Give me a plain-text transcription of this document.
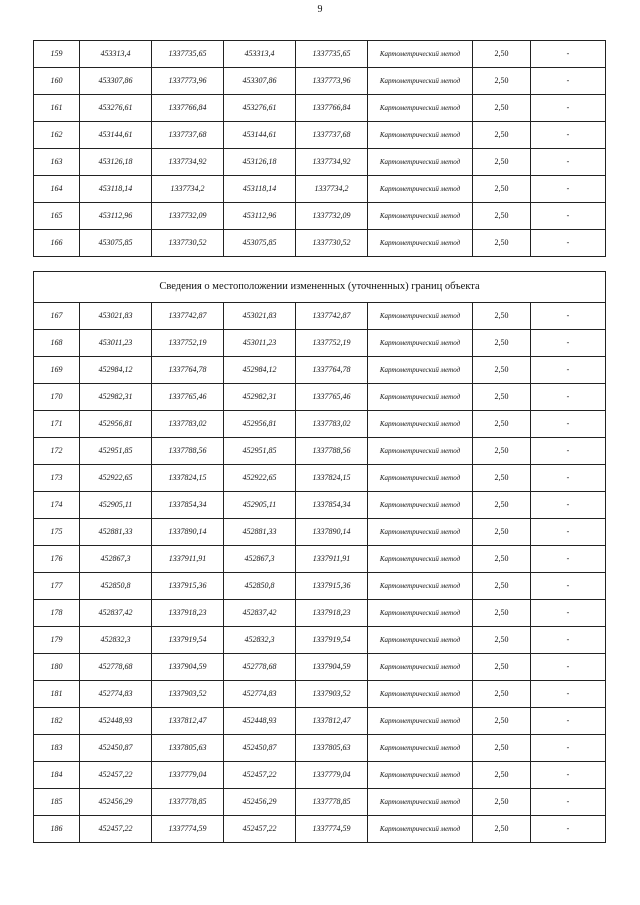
9
159	453313,4	1337735,65	453313,4	1337735,65	Картометрический метод	2,50	-
160	453307,86	1337773,96	453307,86	1337773,96	Картометрический метод	2,50	-
161	453276,61	1337766,84	453276,61	1337766,84	Картометрический метод	2,50	-
162	453144,61	1337737,68	453144,61	1337737,68	Картометрический метод	2,50	-
163	453126,18	1337734,92	453126,18	1337734,92	Картометрический метод	2,50	-
164	453118,14	1337734,2	453118,14	1337734,2	Картометрический метод	2,50	-
165	453112,96	1337732,09	453112,96	1337732,09	Картометрический метод	2,50	-
166	453075,85	1337730,52	453075,85	1337730,52	Картометрический метод	2,50	-
Сведения о местоположении измененных (уточненных) границ объекта							
167	453021,83	1337742,87	453021,83	1337742,87	Картометрический метод	2,50	-
168	453011,23	1337752,19	453011,23	1337752,19	Картометрический метод	2,50	-
169	452984,12	1337764,78	452984,12	1337764,78	Картометрический метод	2,50	-
170	452982,31	1337765,46	452982,31	1337765,46	Картометрический метод	2,50	-
171	452956,81	1337783,02	452956,81	1337783,02	Картометрический метод	2,50	-
172	452951,85	1337788,56	452951,85	1337788,56	Картометрический метод	2,50	-
173	452922,65	1337824,15	452922,65	1337824,15	Картометрический метод	2,50	-
174	452905,11	1337854,34	452905,11	1337854,34	Картометрический метод	2,50	-
175	452881,33	1337890,14	452881,33	1337890,14	Картометрический метод	2,50	-
176	452867,3	1337911,91	452867,3	1337911,91	Картометрический метод	2,50	-
177	452850,8	1337915,36	452850,8	1337915,36	Картометрический метод	2,50	-
178	452837,42	1337918,23	452837,42	1337918,23	Картометрический метод	2,50	-
179	452832,3	1337919,54	452832,3	1337919,54	Картометрический метод	2,50	-
180	452778,68	1337904,59	452778,68	1337904,59	Картометрический метод	2,50	-
181	452774,83	1337903,52	452774,83	1337903,52	Картометрический метод	2,50	-
182	452448,93	1337812,47	452448,93	1337812,47	Картометрический метод	2,50	-
183	452450,87	1337805,63	452450,87	1337805,63	Картометрический метод	2,50	-
184	452457,22	1337779,04	452457,22	1337779,04	Картометрический метод	2,50	-
185	452456,29	1337778,85	452456,29	1337778,85	Картометрический метод	2,50	-
186	452457,22	1337774,59	452457,22	1337774,59	Картометрический метод	2,50	-
